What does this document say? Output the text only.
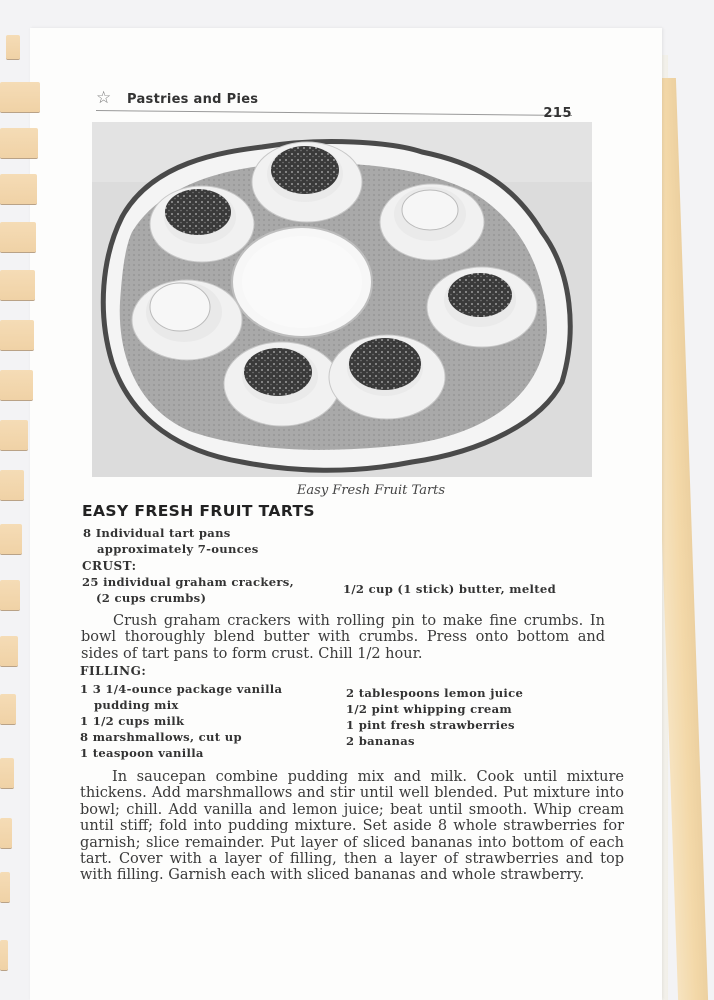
☆ Pastries and Pies
215
Easy Fresh Fruit Tarts
EASY FRESH FRUIT TARTS
8 Individual tart pans
approximately 7-ounces
CRUST:
25 individual graham crackers,
(2 cups crumbs)
1/2 cup (1 stick) butter, melted
Crush graham crackers with rolling pin to make fine crumbs. In bowl thoroughly blend butter with crumbs. Press onto bottom and sides of tart pans to form crust. Chill 1/2 hour.
FILLING:
1 3 1/4-ounce package vanilla
pudding mix
1 1/2 cups milk
8 marshmallows, cut up
1 teaspoon vanilla
2 tablespoons lemon juice
1/2 pint whipping cream
1 pint fresh strawberries
2 bananas
In saucepan combine pudding mix and milk. Cook until mixture thickens. Add marshmallows and stir until well blended. Put mixture into bowl; chill. Add vanilla and lemon juice; beat until smooth. Whip cream until stiff; fold into pudding mixture. Set aside 8 whole strawberries for garnish; slice remainder. Put layer of sliced bananas into bottom of each tart. Cover with a layer of filling, then a layer of strawberries and top with filling. Garnish each with sliced bananas and whole strawberry.
